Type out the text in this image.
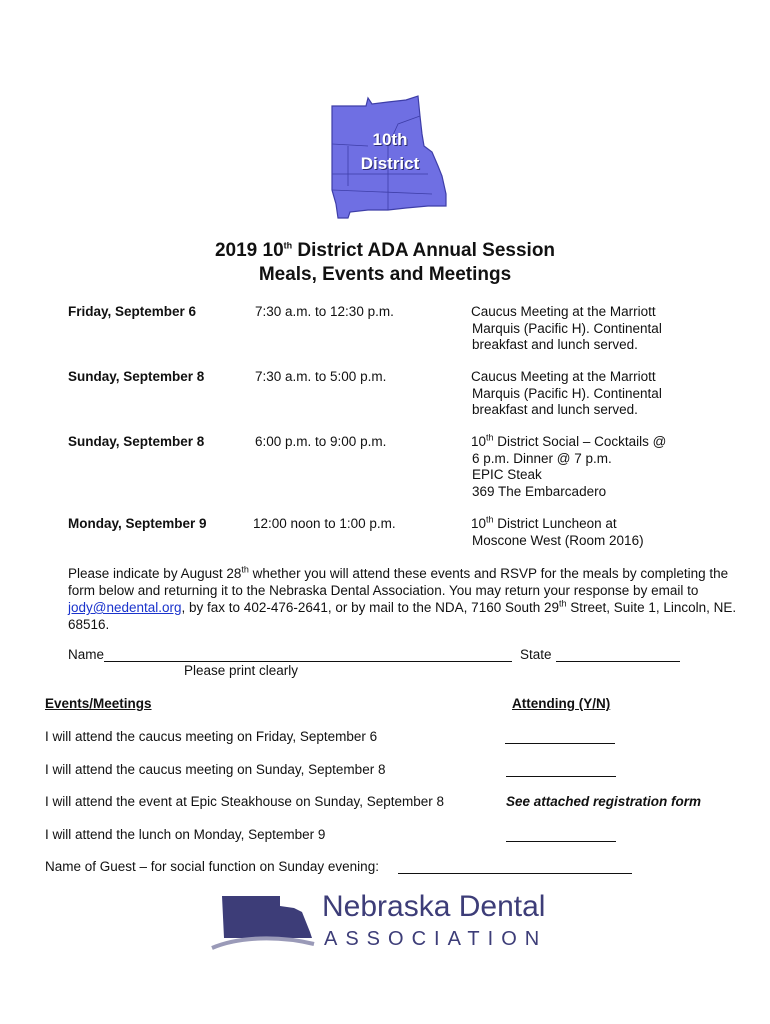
10th
District
2019 10th District ADA Annual Session
Meals, Events and Meetings
Friday, September 6	7:30 a.m. to 12:30 p.m.	Caucus Meeting at the Marriott
Marquis (Pacific H). Continental
breakfast and lunch served.
Sunday, September 8	7:30 a.m. to 5:00 p.m.	Caucus Meeting at the Marriott
Marquis (Pacific H). Continental
breakfast and lunch served.
Sunday, September 8	6:00 p.m. to 9:00 p.m.	10th District Social – Cocktails @
6 p.m. Dinner @ 7 p.m.
EPIC Steak
369 The Embarcadero
Monday, September 9	12:00 noon to 1:00 p.m.	10th District Luncheon at
Moscone West (Room 2016)
Please indicate by August 28th whether you will attend these events and RSVP for the meals by completing the form below and returning it to the Nebraska Dental Association. You may return your response by email to jody@nedental.org, by fax to 402-476-2641, or by mail to the NDA, 7160 South 29th Street, Suite 1, Lincoln, NE. 68516.
Name	State
Please print clearly
Events/Meetings	Attending (Y/N)
I will attend the caucus meeting on Friday, September 6
I will attend the caucus meeting on Sunday, September 8
I will attend the event at Epic Steakhouse on Sunday, September 8	See attached registration form
I will attend the lunch on Monday, September 9
Name of Guest – for social function on Sunday evening:
Nebraska Dental
ASSOCIATION
